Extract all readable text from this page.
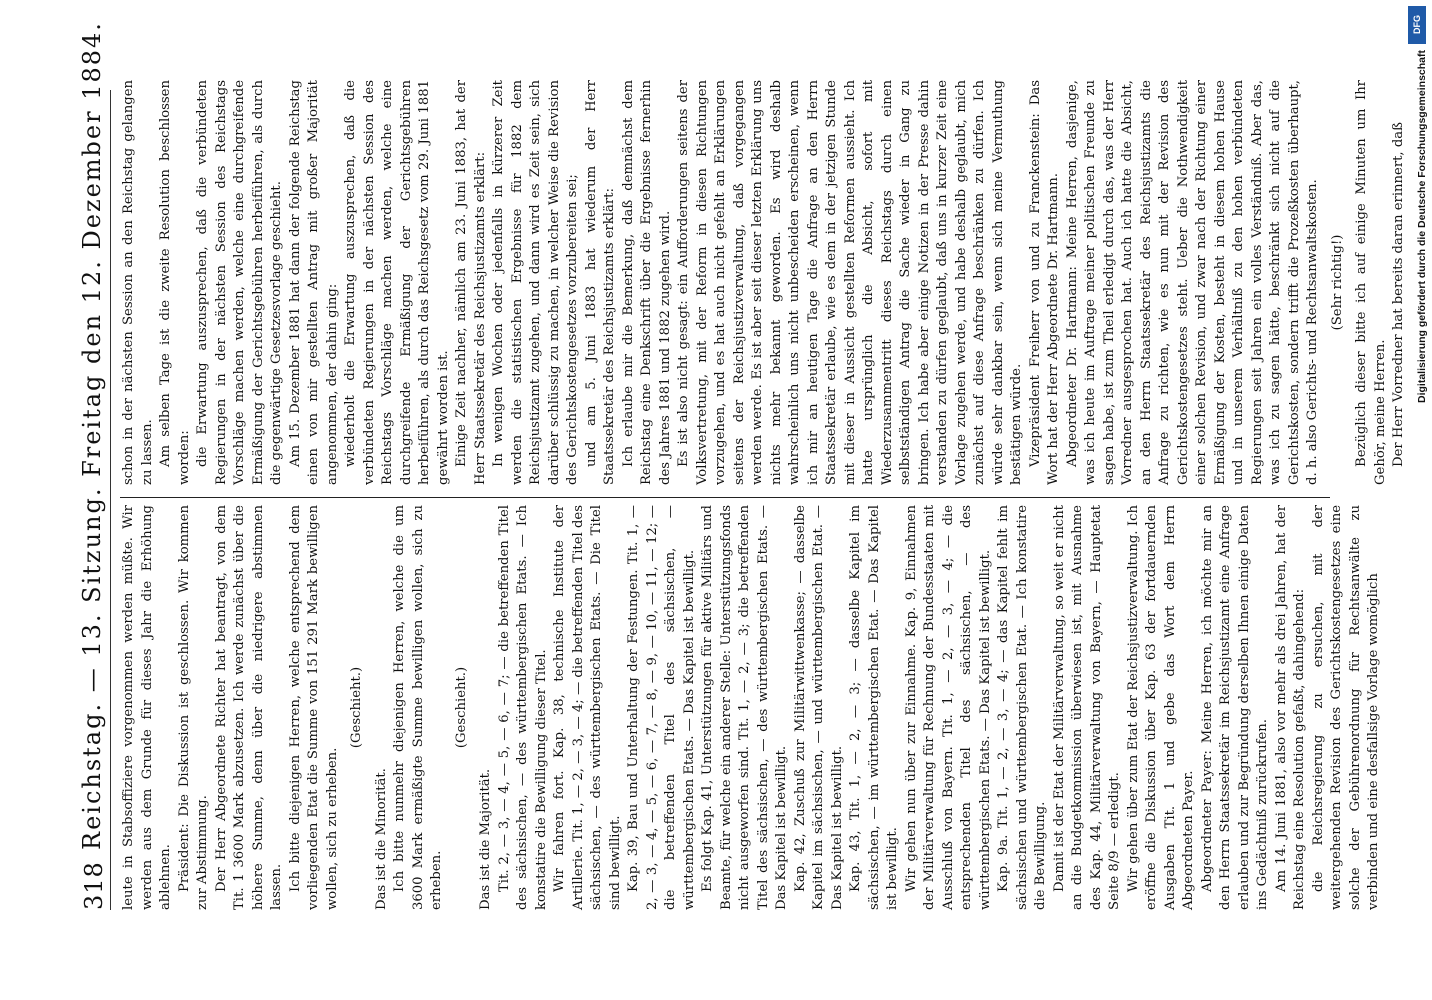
318
Reichstag. — 13. Sitzung. Freitag den 12. Dezember 1884. leute in Stabsoffiziere vorgenommen werden müßte. Wir werden aus dem Grunde für dieses Jahr die Erhöhung ablehnen. Präsident: Die Diskussion ist geschlossen. Wir kommen zur Abstimmung. Der Herr Abgeordnete Richter hat beantragt, von dem Tit. 1 3600 Mark abzusetzen. Ich werde zunächst über die höhere Summe, denn über die niedrigere abstimmen lassen. Ich bitte diejenigen Herren, welche entsprechend dem vorliegenden Etat die Summe von 151 291 Mark bewilligen wollen, sich zu erheben.

(Geschieht.)

Das ist die Minorität. Ich bitte nunmehr diejenigen Herren, welche die um 3600 Mark ermäßigte Summe bewilligen wollen, sich zu erheben.

(Geschieht.)

Das ist die Majorität. Tit. 2, — 3, — 4, — 5, — 6, — 7; — die betreffenden Titel des sächsischen, — des württembergischen Etats. — Ich konstatire die Bewilligung dieser Titel. Wir fahren fort. Kap. 38, technische Institute der Artillerie. Tit. 1, — 2, — 3, — 4; — die betreffenden Titel des sächsischen, — des württembergischen Etats. — Die Titel sind bewilligt. Kap. 39, Bau und Unterhaltung der Festungen. Tit. 1, — 2, — 3, — 4, — 5, — 6, — 7, — 8, — 9, — 10, — 11, — 12; — die betreffenden Titel des sächsischen, — württembergischen Etats. — Das Kapitel ist bewilligt. Es folgt Kap. 41, Unterstützungen für aktive Militärs und Beamte, für welche ein anderer Stelle: Unterstützungsfonds nicht ausgeworfen sind. Tit. 1, — 2, — 3; die betreffenden Titel des sächsischen, — des württembergischen Etats. — Das Kapitel ist bewilligt. Kap. 42, Zuschuß zur Militärwittwenkasse; — dasselbe Kapitel im sächsischen, — und württembergischen Etat. — Das Kapitel ist bewilligt. Kap. 43, Tit. 1, — 2, — 3; — dasselbe Kapitel im sächsischen, — im württembergischen Etat. — Das Kapitel ist bewilligt. Wir gehen nun über zur Einnahme. Kap. 9, Einnahmen der Militärverwaltung für Rechnung der Bundesstaaten mit Ausschluß von Bayern. Tit. 1, — 2, — 3, — 4; — die entsprechenden Titel des sächsischen, — des württembergischen Etats. — Das Kapitel ist bewilligt. Kap. 9a. Tit. 1, — 2, — 3, — 4; — das Kapitel fehlt im sächsischen und württembergischen Etat. — Ich konstatire die Bewilligung. Damit ist der Etat der Militärverwaltung, so weit er nicht an die Budgetkommission überwiesen ist, mit Ausnahme des Kap. 44, Militärverwaltung von Bayern, — Hauptetat Seite 8/9 — erledigt. Wir gehen über zum Etat der Reichsjustizverwaltung. Ich eröffne die Diskussion über Kap. 63 der fortdauernden Ausgaben Tit. 1 und gebe das Wort dem Herrn Abgeordneten Payer. Abgeordneter Payer: Meine Herren, ich möchte mir an den Herrn Staatssekretär im Reichsjustizamt eine Anfrage erlauben und zur Begründung derselben Ihnen einige Daten ins Gedächtniß zurückrufen. Am 14. Juni 1881, also vor mehr als drei Jahren, hat der Reichstag eine Resolution gefaßt, dahingehend: die Reichsregierung zu ersuchen, mit der weitergehenden Revision des Gerichtskostengesetzes eine solche der Gebührenordnung für Rechtsanwälte zu verbinden und eine desfallsige Vorlage womöglich

schon in der nächsten Session an den Reichstag gelangen zu lassen. Am selben Tage ist die zweite Resolution beschlossen worden: die Erwartung auszusprechen, daß die verbündeten Regierungen in der nächsten Session des Reichstags Vorschläge machen werden, welche eine durchgreifende Ermäßigung der Gerichtsgebühren herbeiführen, als durch die gegenwärtige Gesetzesvorlage geschieht. Am 15. Dezember 1881 hat dann der folgende Reichstag einen von mir gestellten Antrag mit großer Majorität angenommen, der dahin ging: wiederholt die Erwartung auszusprechen, daß die verbündeten Regierungen in der nächsten Session des Reichstags Vorschläge machen werden, welche eine durchgreifende Ermäßigung der Gerichtsgebühren herbeiführen, als durch das Reichsgesetz vom 29. Juni 1881 gewährt worden ist. Einige Zeit nachher, nämlich am 23. Juni 1883, hat der Herr Staatssekretär des Reichsjustizamts erklärt: In wenigen Wochen oder jedenfalls in kürzerer Zeit werden die statistischen Ergebnisse für 1882 dem Reichsjustizamt zugehen, und dann wird es Zeit sein, sich darüber schlüssig zu machen, in welcher Weise die Revision des Gerichtskostengesetzes vorzubereiten sei; und am 5. Juni 1883 hat wiederum der Herr Staatssekretär des Reichsjustizamts erklärt: Ich erlaube mir die Bemerkung, daß demnächst dem Reichstag eine Denkschrift über die Ergebnisse fernerhin des Jahres 1881 und 1882 zugehen wird. Es ist also nicht gesagt: ein Aufforderungen seitens der Volksvertretung, mit der Reform in diesen Richtungen vorzugehen, und es hat auch nicht gefehlt an Erklärungen seitens der Reichsjustizverwaltung, daß vorgegangen werden werde. Es ist aber seit dieser letzten Erklärung uns nichts mehr bekannt geworden. Es wird deshalb wahrscheinlich uns nicht unbescheiden erscheinen, wenn ich mir an heutigen Tage die Anfrage an den Herrn Staatssekretär erlaube, wie es dem in der jetzigen Stunde mit dieser in Aussicht gestellten Reformen aussieht. Ich hatte ursprünglich die Absicht, sofort mit Wiederzusammentritt dieses Reichstags durch einen selbstständigen Antrag die Sache wieder in Gang zu bringen. Ich habe aber einige Notizen in der Presse dahin verstanden zu dürfen geglaubt, daß uns in kurzer Zeit eine Vorlage zugehen werde, und habe deshalb geglaubt, mich zunächst auf diese Anfrage beschränken zu dürfen. Ich würde sehr dankbar sein, wenn sich meine Vermuthung bestätigen würde. Vizepräsident Freiherr von und zu Franckenstein: Das Wort hat der Herr Abgeordnete Dr. Hartmann. Abgeordneter Dr. Hartmann: Meine Herren, dasjenige, was ich heute im Auftrage meiner politischen Freunde zu sagen habe, ist zum Theil erledigt durch das, was der Herr Vorredner ausgesprochen hat. Auch ich hatte die Absicht, an den Herrn Staatssekretär des Reichsjustizamts die Anfrage zu richten, wie es nun mit der Revision des Gerichtskostengesetzes steht. Ueber die Nothwendigkeit einer solchen Revision, und zwar nach der Richtung einer Ermäßigung der Kosten, besteht in diesem hohen Hause und in unserem Verhältniß zu den hohen verbündeten Regierungen seit Jahren ein volles Verständniß. Aber das, was ich zu sagen hätte, beschränkt sich nicht auf die Gerichtskosten, sondern trifft die Prozeßkosten überhaupt, d. h. also Gerichts- und Rechtsanwaltskosten. (Sehr richtig!) Bezüglich dieser bitte ich auf einige Minuten um Ihr Gehör, meine Herren. Der Herr Vorredner hat bereits daran erinnert, daß

DFG
Digitalisierung gefördert durch die Deutsche Forschungsgemeinschaft
